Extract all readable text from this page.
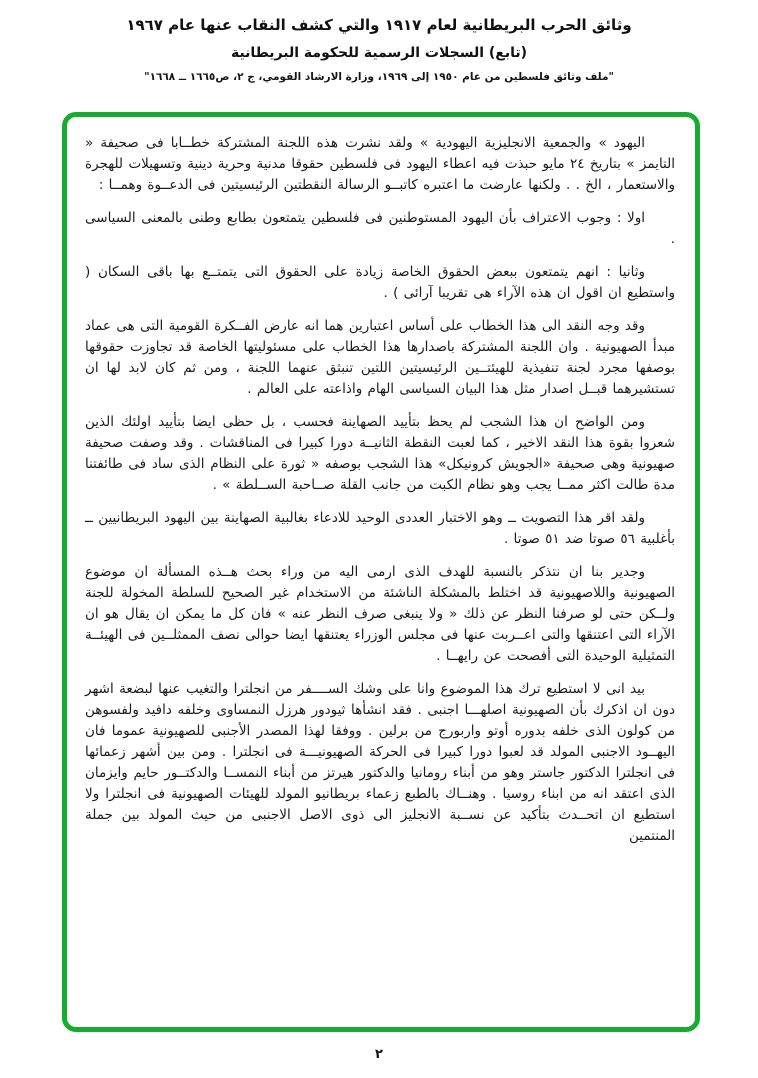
وثائق الحرب البريطانية لعام ١٩١٧ والتي كشف النقاب عنها عام ١٩٦٧
(تابع) السجلات الرسمية للحكومة البريطانية
"ملف وثائق فلسطين من عام ١٩٥٠ إلى ١٩٦٩، وزارة الارشاد القومي، ج ٢، ص١٦٦٥ ــ ١٦٦٨"

اليهود » والجمعية الانجليزية اليهودية » ولقد نشرت هذه اللجنة المشتركة خطــابا فى صحيفة « التايمز » بتاريخ ٢٤ مايو حبذت فيه اعطاء اليهود فى فلسطين حقوقا مدنية وحرية دينية وتسهيلات للهجرة والاستعمار ، الخ . . ولكنها عارضت ما اعتبره كاتبــو الرسالة النقطتين الرئيسيتين فى الدعــوة وهمــا :

اولا : وجوب الاعتراف بأن اليهود المستوطنين فى فلسطين يتمتعون بطابع وطنى بالمعنى السياسى .

وثانيا : انهم يتمتعون ببعض الحقوق الخاصة زيادة على الحقوق التى يتمتــع بها باقى السكان ( واستطيع ان اقول ان هذه الآراء هى تقريبا آرائى ) .

وقد وجه النقد الى هذا الخطاب على أساس اعتبارين هما انه عارض الفــكرة القومية التى هى عماد مبدأ الصهيونية . وان اللجنة المشتركة باصدارها هذا الخطاب على مسئوليتها الخاصة قد تجاوزت حقوقها بوصفها مجرد لجنة تنفيذية للهيئتــين الرئيسيتين اللتين تنبثق عنهما اللجنة ، ومن ثم كان لابد لها ان تستشيرهما قبــل اصدار مثل هذا البيان السياسى الهام واذاعته على العالم .

ومن الواضح ان هذا الشجب لم يحظ بتأييد الصهاينة فحسب ، بل حظى ايضا بتأييد اولئك الذين شعروا بقوة هذا النقد الاخير ، كما لعبت النقطة الثانيــة دورا كبيرا فى المناقشات . وقد وصفت صحيفة صهيونية وهى صحيفة «الجويش كرونيكل» هذا الشجب بوصفه « ثورة على النظام الذى ساد فى طائفتنا مدة طالت اكثر ممــا يجب وهو نظام الكبت من جانب القلة صــاحبة الســلطة » .

ولقد اقر هذا التصويت ــ وهو الاختبار العددى الوحيد للادعاء بغالبية الصهاينة بين اليهود البريطانيين ــ بأغلبية ٥٦ صوتا ضد ٥١ صوتا .

وجدير بنا ان نتذكر بالنسبة للهدف الذى ارمى اليه من وراء بحث هــذه المسألة ان موضوع الصهيونية واللاصهيونية قد اختلط بالمشكلة الناشئة من الاستخدام غير الصحيح للسلطة المخولة للجنة ولــكن حتى لو صرفنا النظر عن ذلك « ولا ينبغى صرف النظر عنه » فان كل ما يمكن ان يقال هو ان الآراء التى اعتنقها والتى اعــربت عنها فى مجلس الوزراء يعتنقها ايضا حوالى نصف الممثلــين فى الهيئــة التمثيلية الوحيدة التى أفصحت عن رايهــا .

بيد انى لا استطيع ترك هذا الموضوع وانا على وشك الســــفر من انجلترا والتغيب عنها لبضعة اشهر دون ان اذكرك بأن الصهيونية اصلهـــا اجنبى . فقد انشأها ثيودور هرزل النمساوى وخلفه دافيد ولفسوهن من كولون الذى خلفه بدوره أوتو واربورج من برلين . ووفقا لهذا المصدر الأجنبى للصهيونية عموما فان اليهــود الاجنبى المولد قد لعبوا دورا كبيرا فى الحركة الصهيونيـــة فى انجلترا . ومن بين أشهر زعمائها فى انجلترا الدكتور جاستر وهو من أبناء رومانيا والدكتور هيرتز من أبناء النمســا والدكتــور حايم وايزمان الذى اعتقد انه من ابناء روسيا . وهنــاك بالطبع زعماء بريطانيو المولد للهيئات الصهيونية فى انجلترا ولا استطيع ان اتحــدث بتأكيد عن نســبة الانجليز الى ذوى الاصل الاجنبى من حيث المولد بين جملة المنتمين

٢
